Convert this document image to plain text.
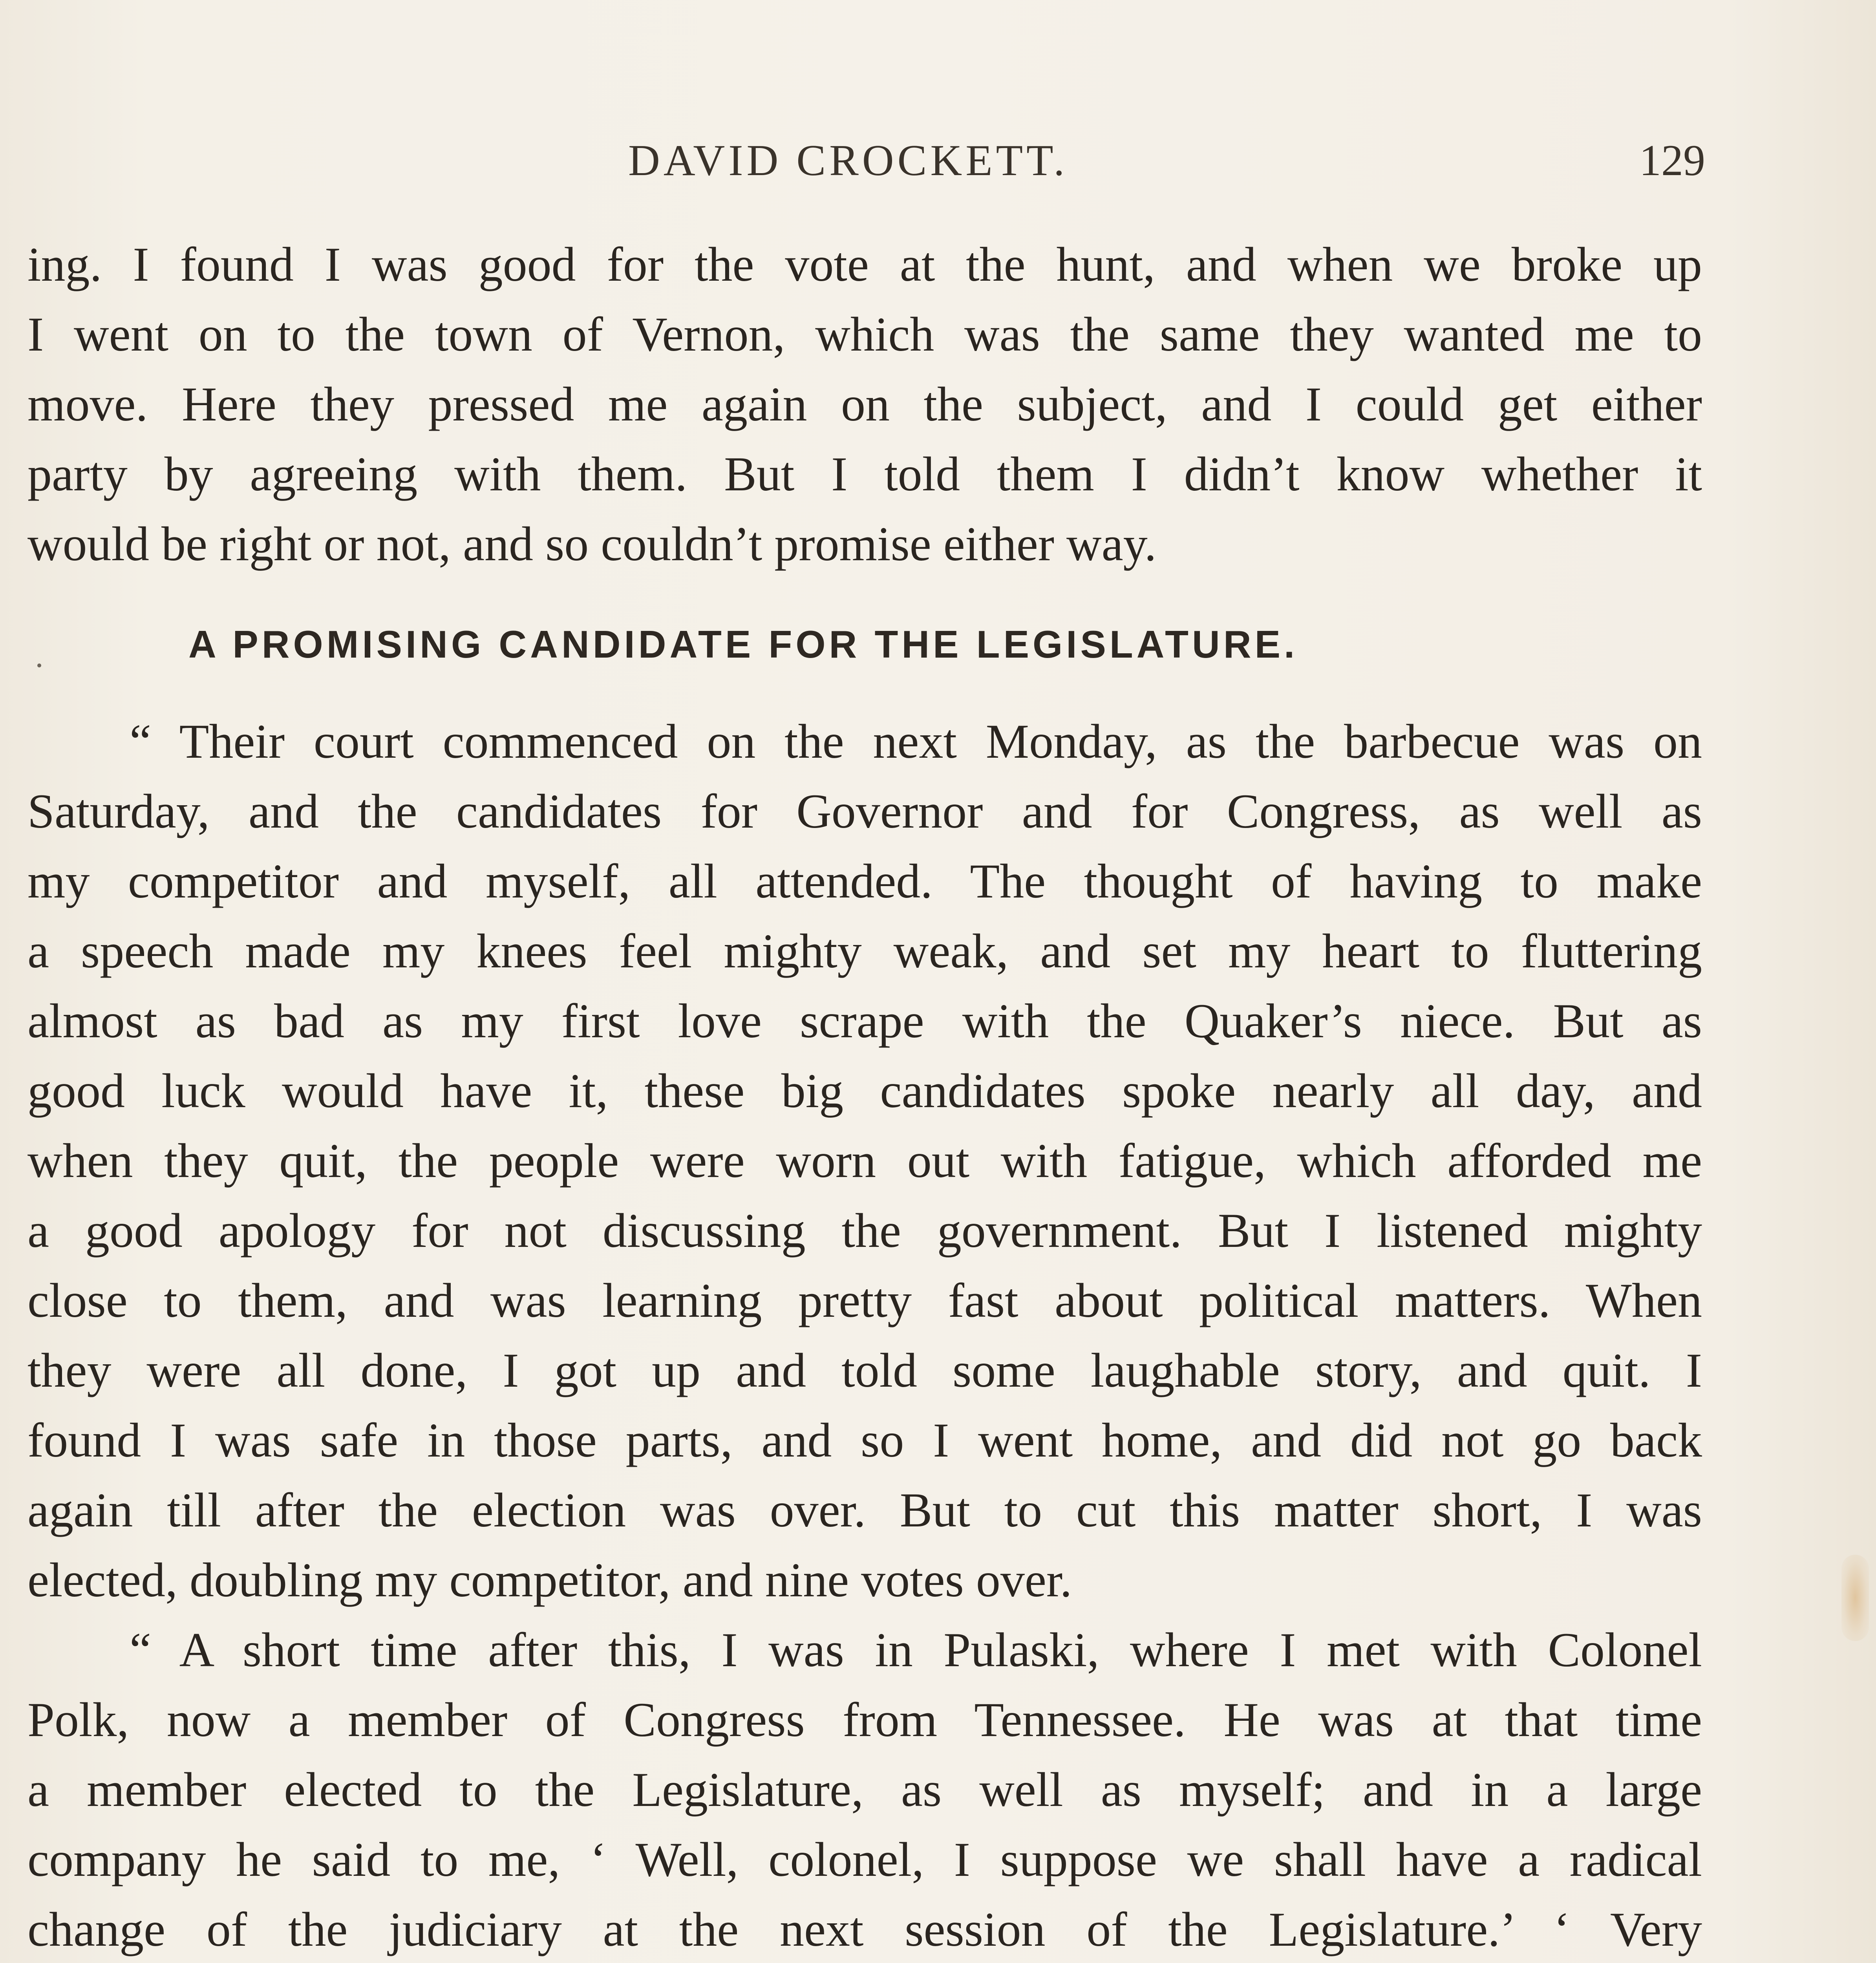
DAVID CROCKETT.	129
ing. I found I was good for the vote at the hunt, and when we broke up
I went on to the town of Vernon, which was the same they wanted me to
move. Here they pressed me again on the subject, and I could get either
party by agreeing with them. But I told them I didn’t know whether it
would be right or not, and so couldn’t promise either way.
A PROMISING CANDIDATE FOR THE LEGISLATURE.
“ Their court commenced on the next Monday, as the barbecue was on
Saturday, and the candidates for Governor and for Congress, as well as
my competitor and myself, all attended. The thought of having to make
a speech made my knees feel mighty weak, and set my heart to fluttering
almost as bad as my first love scrape with the Quaker’s niece. But as
good luck would have it, these big candidates spoke nearly all day, and
when they quit, the people were worn out with fatigue, which afforded me
a good apology for not discussing the government. But I listened mighty
close to them, and was learning pretty fast about political matters. When
they were all done, I got up and told some laughable story, and quit. I
found I was safe in those parts, and so I went home, and did not go back
again till after the election was over. But to cut this matter short, I was
elected, doubling my competitor, and nine votes over.
“ A short time after this, I was in Pulaski, where I met with Colonel
Polk, now a member of Congress from Tennessee. He was at that time
a member elected to the Legislature, as well as myself; and in a large
company he said to me, ‘ Well, colonel, I suppose we shall have a radical
change of the judiciary at the next session of the Legislature.’ ‘ Very
